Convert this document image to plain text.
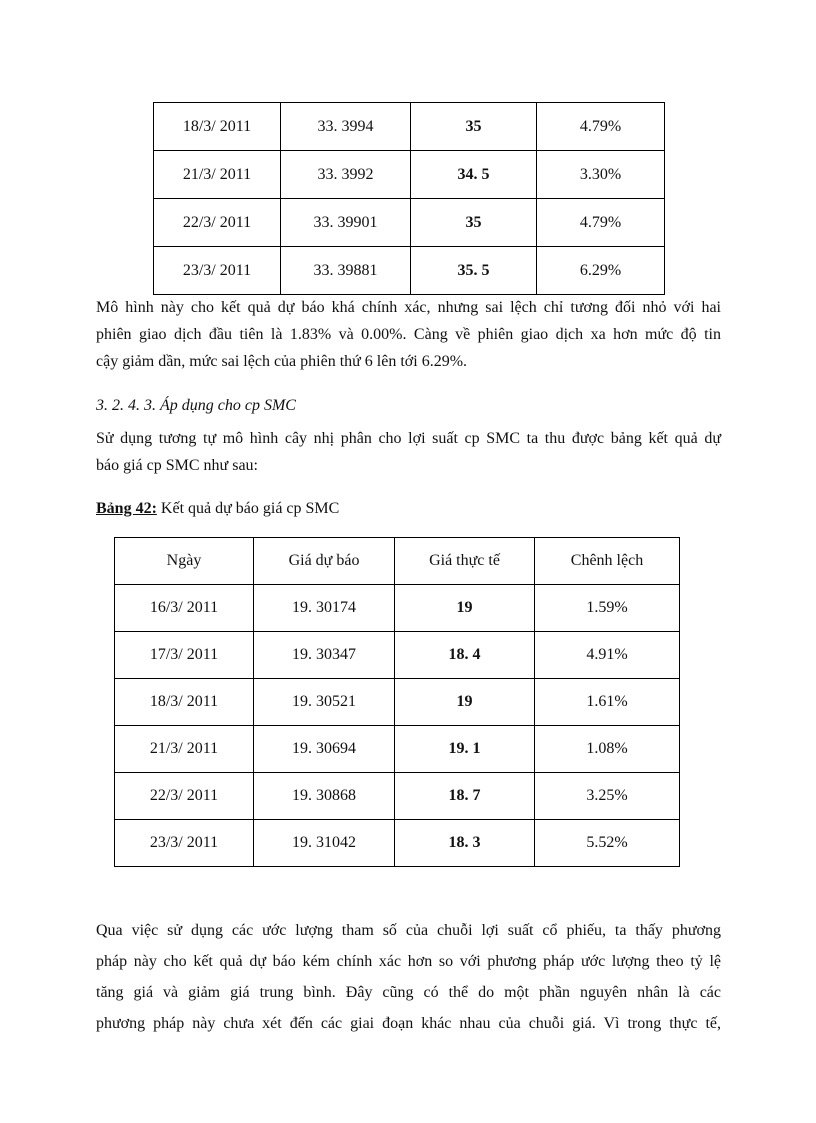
18/3/ 2011	33. 3994	35	4.79%
21/3/ 2011	33. 3992	34. 5	3.30%
22/3/ 2011	33. 39901	35	4.79%
23/3/ 2011	33. 39881	35. 5	6.29%
Mô hình này cho kết quả dự báo khá chính xác, nhưng sai lệch chỉ tương đối nhỏ với hai
phiên giao dịch đầu tiên là 1.83% và 0.00%. Càng về phiên giao dịch xa hơn mức độ tin
cậy giảm dần, mức sai lệch của phiên thứ 6 lên tới 6.29%.
3. 2. 4. 3. Áp dụng cho cp SMC
Sử dụng tương tự mô hình cây nhị phân cho lợi suất cp SMC ta thu được bảng kết quả dự
báo giá cp SMC như sau:
Bảng 42: Kết quả dự báo giá cp SMC
Ngày	Giá dự báo	Giá thực tế	Chênh lệch
16/3/ 2011	19. 30174	19	1.59%
17/3/ 2011	19. 30347	18. 4	4.91%
18/3/ 2011	19. 30521	19	1.61%
21/3/ 2011	19. 30694	19. 1	1.08%
22/3/ 2011	19. 30868	18. 7	3.25%
23/3/ 2011	19. 31042	18. 3	5.52%
Qua việc sử dụng các ước lượng tham số của chuỗi lợi suất cổ phiếu, ta thấy phương
pháp này cho kết quả dự báo kém chính xác hơn so với phương pháp ước lượng theo tỷ lệ
tăng giá và giảm giá trung bình. Đây cũng có thể do một phần nguyên nhân là các
phương pháp này chưa xét đến các giai đoạn khác nhau của chuỗi giá. Vì trong thực tế,
